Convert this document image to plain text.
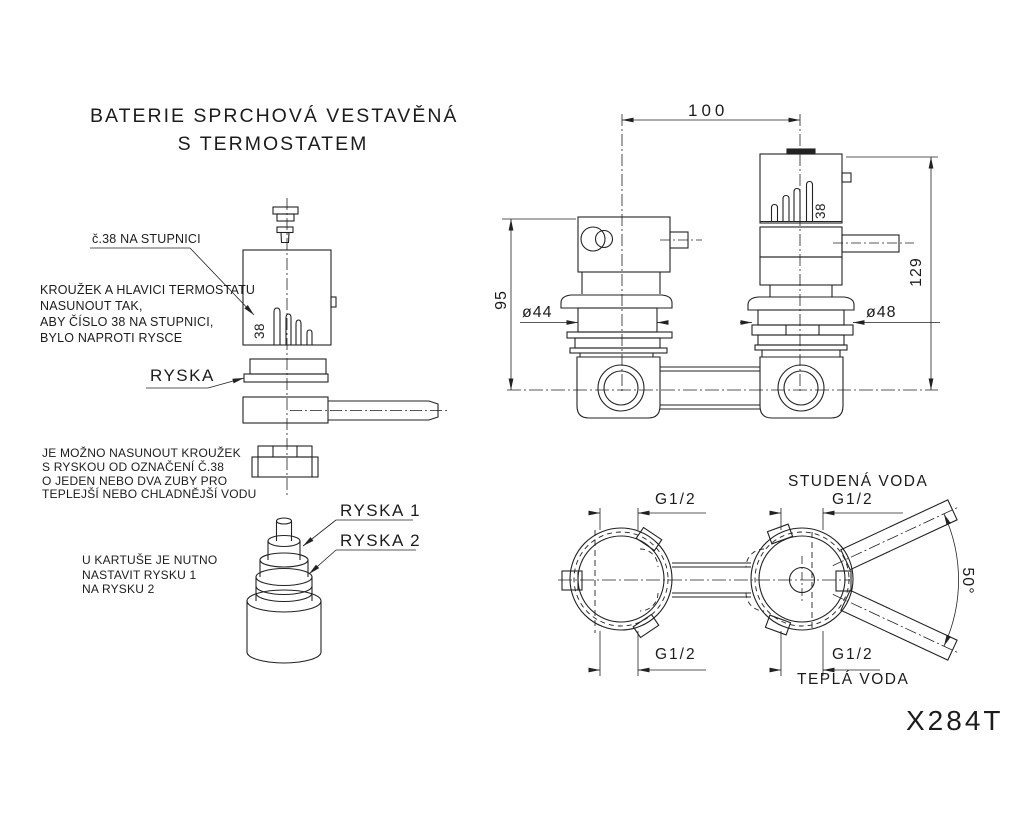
BATERIE SPRCHOVÁ VESTAVĚNÁ
S TERMOSTATEM
č.38 NA STUPNICI
KROUŽEK A HLAVICI TERMOSTATU
NASUNOUT TAK,
ABY ČÍSLO 38 NA STUPNICI,
BYLO NAPROTI RYSCE
RYSKA
JE MOŽNO NASUNOUT KROUŽEK
S RYSKOU OD OZNAČENÍ Č.38
O JEDEN NEBO DVA ZUBY PRO
TEPLEJŠÍ NEBO CHLADNĚJŠÍ VODU
RYSKA 1
RYSKA 2
U KARTUŠE JE NUTNO
NASTAVIT RYSKU 1
NA RYSKU 2
38
38
100
95
129
ø44	ø48
G1/2
STUDENÁ VODA
G1/2
G1/2	G1/2
TEPLÁ VODA
50°
X284T
